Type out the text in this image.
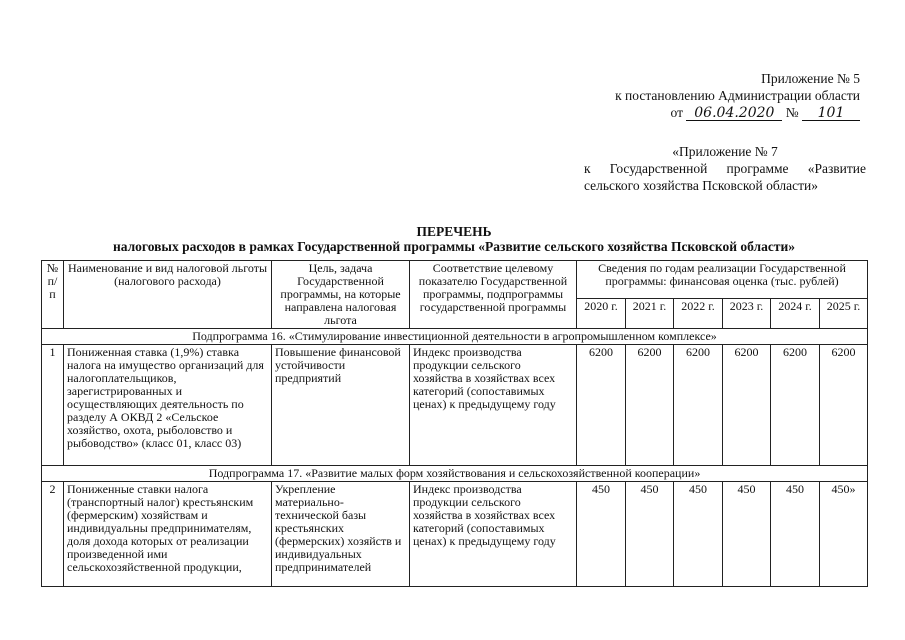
Приложение № 5
к постановлению Администрации области
от 06.04.2020 № 101
«Приложение № 7
к Государственной программе «Развитие
сельского хозяйства Псковской области»
ПЕРЕЧЕНЬ
налоговых расходов в рамках Государственной программы «Развитие сельского хозяйства Псковской области»
№ п/п	Наименование и вид налоговой льготы (налогового расхода)	Цель, задача Государственной программы, на которые направлена налоговая льгота	Соответствие целевому показателю Государственной программы, подпрограммы государственной программы	Сведения по годам реализации Государственной программы: финансовая оценка (тыс. рублей)					
				2020 г.	2021 г.	2022 г.	2023 г.	2024 г.	2025 г.
Подпрограмма 16. «Стимулирование инвестиционной деятельности в агропромышленном комплексе»									
1	Пониженная ставка (1,9%) ставка налога на имущество организаций для налогоплательщиков, зарегистрированных и осуществляющих деятельность по разделу А ОКВД 2 «Сельское хозяйство, охота, рыболовство и рыбоводство» (класс 01, класс 03)	Повышение финансовой устойчивости предприятий	Индекс производства продукции сельского хозяйства в хозяйствах всех категорий (сопоставимых ценах) к предыдущему году	6200	6200	6200	6200	6200	6200
Подпрограмма 17. «Развитие малых форм хозяйствования и сельскохозяйственной кооперации»									
2	Пониженные ставки налога (транспортный налог) крестьянским (фермерским) хозяйствам и индивидуальны предпринимателям, доля дохода которых от реализации произведенной ими сельскохозяйственной продукции,	Укрепление материально-технической базы крестьянских (фермерских) хозяйств и индивидуальных предпринимателей	Индекс производства продукции сельского хозяйства в хозяйствах всех категорий (сопоставимых ценах) к предыдущему году	450	450	450	450	450	450»
